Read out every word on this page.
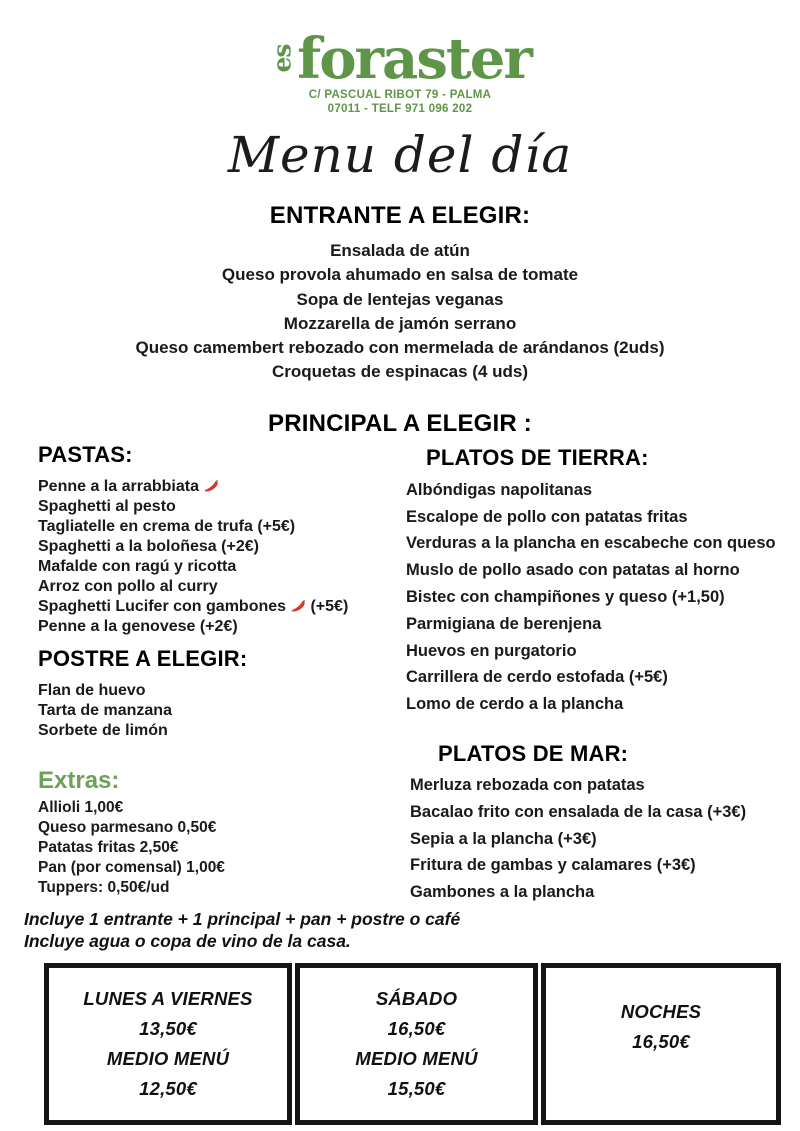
es foraster
C/ PASCUAL RIBOT 79 - PALMA
07011 - TELF 971 096 202
Menu del día
ENTRANTE A ELEGIR:
Ensalada de atún
Queso provola ahumado en salsa de tomate
Sopa de lentejas veganas
Mozzarella de jamón serrano
Queso camembert rebozado con mermelada de arándanos (2uds)
Croquetas de espinacas (4 uds)
PRINCIPAL A ELEGIR :
PASTAS:
Penne a la arrabbiata
Spaghetti al pesto
Tagliatelle en crema de trufa (+5€)
Spaghetti a la boloñesa (+2€)
Mafalde con ragú y ricotta
Arroz con pollo al curry
Spaghetti Lucifer con gambones (+5€)
Penne a la genovese (+2€)
POSTRE A ELEGIR:
Flan de huevo
Tarta de manzana
Sorbete de limón
Extras:
Allioli 1,00€
Queso parmesano 0,50€
Patatas fritas 2,50€
Pan (por comensal) 1,00€
Tuppers: 0,50€/ud
PLATOS DE TIERRA:
Albóndigas napolitanas
Escalope de pollo con patatas fritas
Verduras a la plancha en escabeche con queso
Muslo de pollo asado con patatas al horno
Bistec con champiñones y queso (+1,50)
Parmigiana de berenjena
Huevos en purgatorio
Carrillera de cerdo estofada (+5€)
Lomo de cerdo a la plancha
PLATOS DE MAR:
Merluza rebozada con patatas
Bacalao frito con ensalada de la casa (+3€)
Sepia a la plancha (+3€)
Fritura de gambas y calamares (+3€)
Gambones a la plancha
Incluye 1 entrante + 1 principal + pan + postre o café
Incluye agua o copa de vino de la casa.
LUNES A VIERNES
13,50€
MEDIO MENÚ
12,50€
SÁBADO
16,50€
MEDIO MENÚ
15,50€
NOCHES
16,50€
